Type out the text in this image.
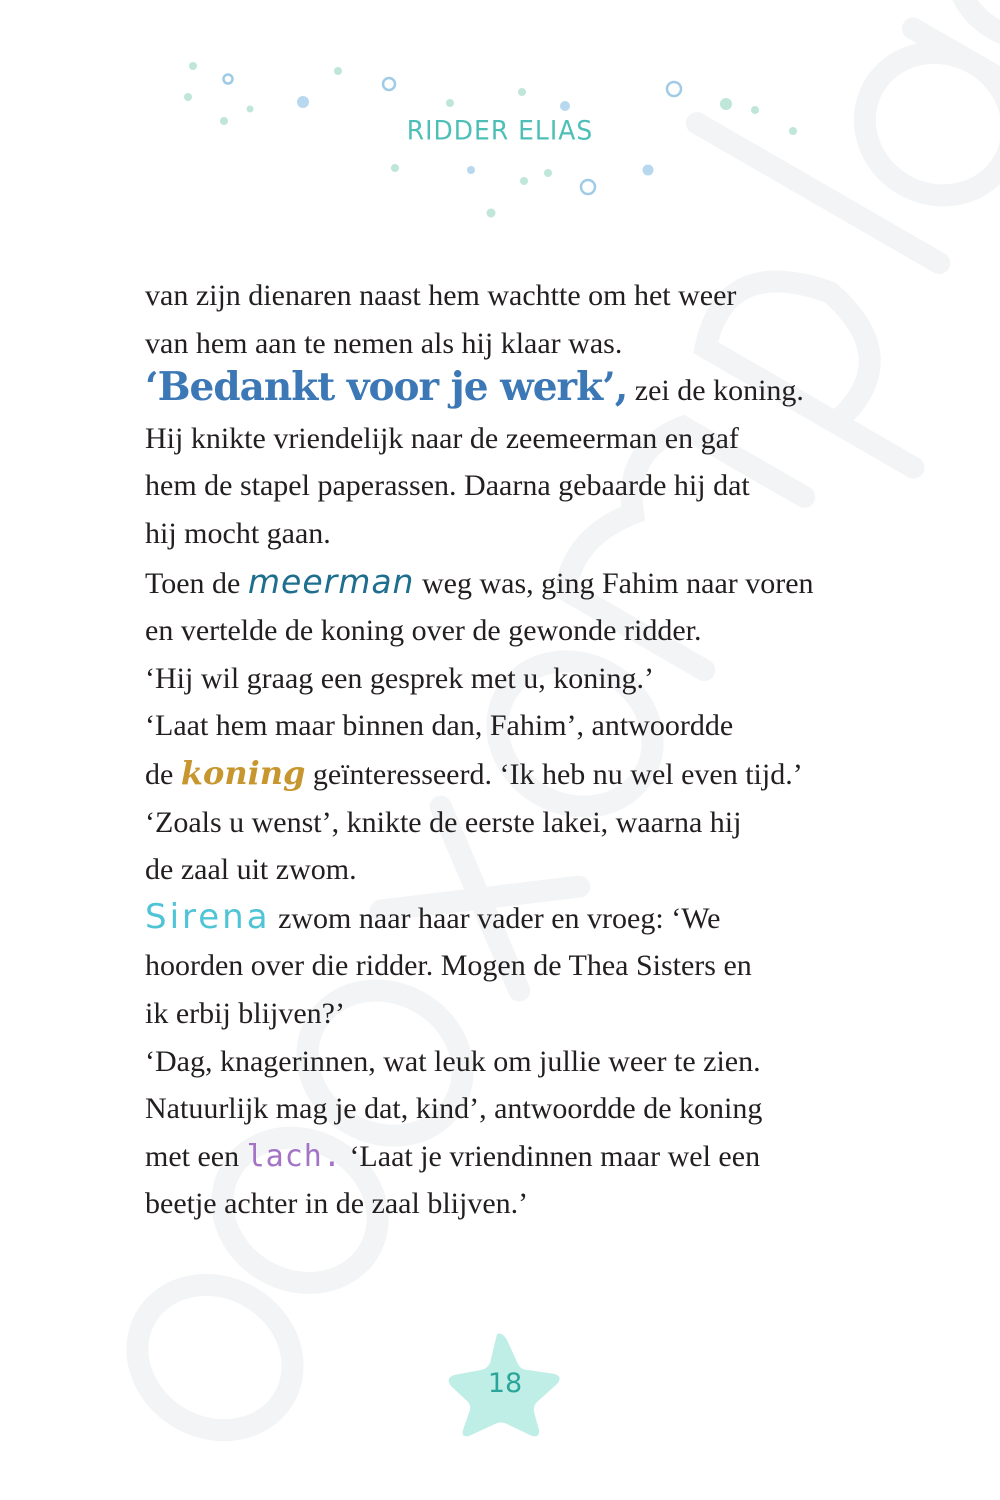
RIDDER ELIAS
van zijn dienaren naast hem wachtte om het weer
van hem aan te nemen als hij klaar was.
‘Bedankt voor je werk’, zei de koning.
Hij knikte vriendelijk naar de zeemeerman en gaf
hem de stapel paperassen. Daarna gebaarde hij dat
hij mocht gaan.
Toen de meerman weg was, ging Fahim naar voren
en vertelde de koning over de gewonde ridder.
‘Hij wil graag een gesprek met u, koning.’
‘Laat hem maar binnen dan, Fahim’, antwoordde
de koning geïnteresseerd. ‘Ik heb nu wel even tijd.’
‘Zoals u wenst’, knikte de eerste lakei, waarna hij
de zaal uit zwom.
Sirena zwom naar haar vader en vroeg: ‘We
hoorden over die ridder. Mogen de Thea Sisters en
ik erbij blijven?’
‘Dag, knagerinnen, wat leuk om jullie weer te zien.
Natuurlijk mag je dat, kind’, antwoordde de koning
met een lach. ‘Laat je vriendinnen maar wel een
beetje achter in de zaal blijven.’
18
